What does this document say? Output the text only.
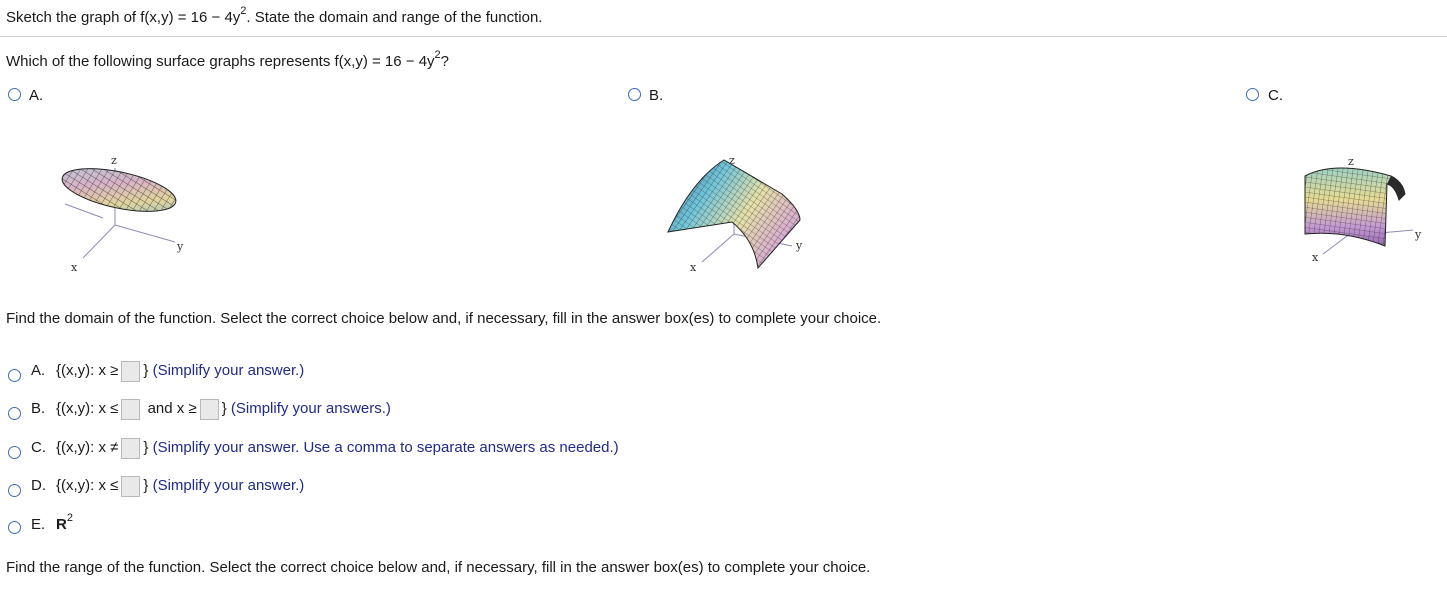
Sketch the graph of $f(x,y) = 16 - 4y^2$. State the domain and range of the function.
Which of the following surface graphs represents $f(x,y) = 16 - 4y^2$?
A.
z
y
x
B.
z
y
x
C.
z
y
x
Find the domain of the function. Select the correct choice below and, if necessary, fill in the answer box(es) to complete your choice.
A. {(x,y): x ≥ } (Simplify your answer.)
B. {(x,y): x ≤ and x ≥ } (Simplify your answers.)
C. {(x,y): x ≠ } (Simplify your answer. Use a comma to separate answers as needed.)
D. {(x,y): x ≤ } (Simplify your answer.)
E. $R^2$
Find the range of the function. Select the correct choice below and, if necessary, fill in the answer box(es) to complete your choice.
